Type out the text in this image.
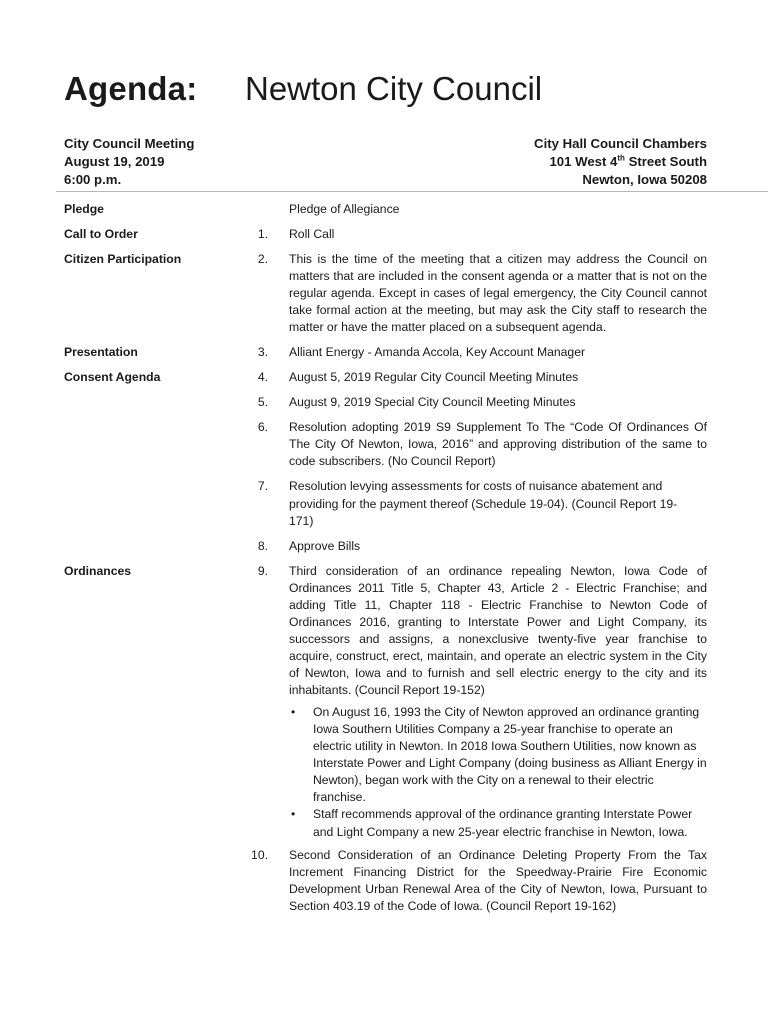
Agenda: Newton City Council
City Council Meeting
August 19, 2019
6:00 p.m.
City Hall Council Chambers
101 West 4th Street South
Newton, Iowa 50208
Pledge	Pledge of Allegiance
Call to Order	1. Roll Call
Citizen Participation	2. This is the time of the meeting that a citizen may address the Council on matters that are included in the consent agenda or a matter that is not on the regular agenda. Except in cases of legal emergency, the City Council cannot take formal action at the meeting, but may ask the City staff to research the matter or have the matter placed on a subsequent agenda.
Presentation	3. Alliant Energy - Amanda Accola, Key Account Manager
Consent Agenda	4. August 5, 2019 Regular City Council Meeting Minutes
5. August 9, 2019 Special City Council Meeting Minutes
6. Resolution adopting 2019 S9 Supplement To The “Code Of Ordinances Of The City Of Newton, Iowa, 2016” and approving distribution of the same to code subscribers. (No Council Report)
7. Resolution levying assessments for costs of nuisance abatement and
providing for the payment thereof (Schedule 19-04). (Council Report 19-
171)
8. Approve Bills
Ordinances	9. Third consideration of an ordinance repealing Newton, Iowa Code of Ordinances 2011 Title 5, Chapter 43, Article 2 - Electric Franchise; and adding Title 11, Chapter 118 - Electric Franchise to Newton Code of Ordinances 2016, granting to Interstate Power and Light Company, its successors and assigns, a nonexclusive twenty-five year franchise to acquire, construct, erect, maintain, and operate an electric system in the City of Newton, Iowa and to furnish and sell electric energy to the city and its inhabitants. (Council Report 19-152)
• On August 16, 1993 the City of Newton approved an ordinance granting Iowa Southern Utilities Company a 25-year franchise to operate an electric utility in Newton. In 2018 Iowa Southern Utilities, now known as Interstate Power and Light Company (doing business as Alliant Energy in Newton), began work with the City on a renewal to their electric franchise.
• Staff recommends approval of the ordinance granting Interstate Power and Light Company a new 25-year electric franchise in Newton, Iowa.
10. Second Consideration of an Ordinance Deleting Property From the Tax Increment Financing District for the Speedway-Prairie Fire Economic Development Urban Renewal Area of the City of Newton, Iowa, Pursuant to Section 403.19 of the Code of Iowa. (Council Report 19-162)
